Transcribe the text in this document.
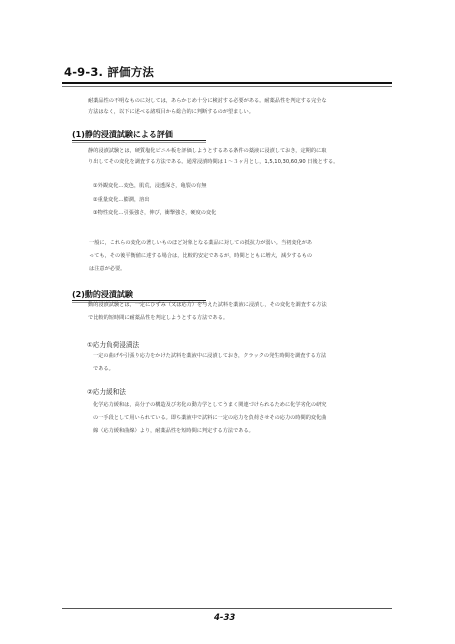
4-9-3. 評価方法
耐薬品性の不明なものに対しては，あらかじめ十分に検討する必要がある。耐薬品性を判定する完全な
方法はなく，以下に述べる諸項目から総合的に判断するのが望ましい。
(1)静的浸漬試験による評価
静的浸漬試験とは，硬質塩化ビニル板を評価しようとするある条件の薬液に浸漬しておき，定期的に取
り出してその変化を調査する方法である。通常浸漬時間は１～３ヶ月とし，1,5,10,30,60,90 日後とする。
①外観変化…変色，肌荒，浸透深さ，亀裂の有無
②重量変化…膨潤，溶出
③物性変化…引張強さ，伸び，衝撃強さ，硬度の変化
一般に，これらの変化の著しいものほど対象となる薬品に対しての抵抗力が弱い。当初変化があ
っても，その後平衡値に達する場合は，比較的安定であるが，時間とともに増大，減少するもの
は注意が必要。
(2)動的浸漬試験
動的浸漬試験とは，一定にひずみ（又は応力）を与えた試料を薬液に浸漬し，その変化を調査する方法
で比較的短時間に耐薬品性を判定しようとする方法である。
①応力負荷浸漬法
一定の曲げや引張り応力をかけた試料を薬液中に浸漬しておき，クラックの発生時間を調査する方法
である。
②応力緩和法
化学応力緩和は，高分子の構造及び劣化の動力学としてうまく関連づけられるために化学劣化の研究
の一手段として用いられている。即ち薬液中で試料に一定の応力を負荷させその応力の時間的変化曲
線（応力緩和曲線）より，耐薬品性を短時間に判定する方法である。
4-33
